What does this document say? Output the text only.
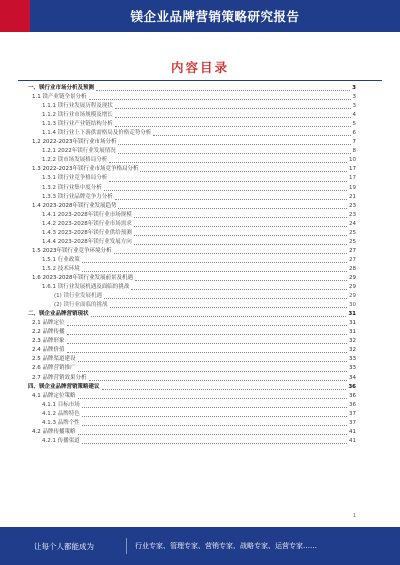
镁企业品牌营销策略研究报告
内容目录
一、镁行业市场分析及预测	3
1.1 镁产业链全景分析	3
1.1.1 镁行业发展历程及现状	3
1.1.2 镁行业市场规模及增长	4
1.1.3 镁行业产业链结构分析	5
1.1.4 镁行业上下游供需格局及价格走势分析	6
1.2 2022-2023年镁行业市场分析	7
1.2.1 2022年镁行业发展情况	8
1.2.2 镁市场发展格局分析	10
1.3 2022-2023年镁行业市场竞争格局分析	17
1.3.1 镁行业竞争格局分析	17
1.3.2 镁行业集中度分析	19
1.3.3 镁行业品牌竞争力分析	21
1.4 2023-2028年镁行业发展趋势	23
1.4.1 2023-2028年镁行业市场规模	23
1.4.2 2023-2028年镁行业市场需求	24
1.4.3 2023-2028年镁行业供给预测	25
1.4.4 2023-2028年镁行业发展方向	25
1.5 2023年镁行业竞争环境分析	27
1.5.1 行业政策	27
1.5.2 技术环境	28
1.6 2023-2028年镁行业发展前景及机遇	29
1.6.1 镁行业发展机遇及面临的挑战	29
(1) 镁行业发展机遇	29
(2) 镁行业面临的挑战	30
二、镁企业品牌营销现状	31
2.1 品牌定位	31
2.2 品牌传播	31
2.3 品牌形象	32
2.4 品牌价值	32
2.5 品牌渠道建设	33
2.6 品牌营销推广	33
2.7 品牌营销效果分析	34
四、镁企业品牌营销策略建议	36
4.1 品牌定位策略	36
4.1.1 目标市场	36
4.1.2 品牌特色	37
4.1.3 品牌个性	37
4.2 品牌传播策略	41
4.2.1 传播渠道	41
1
让每个人都能成为	行业专家、管理专家、营销专家、战略专家、运营专家……
